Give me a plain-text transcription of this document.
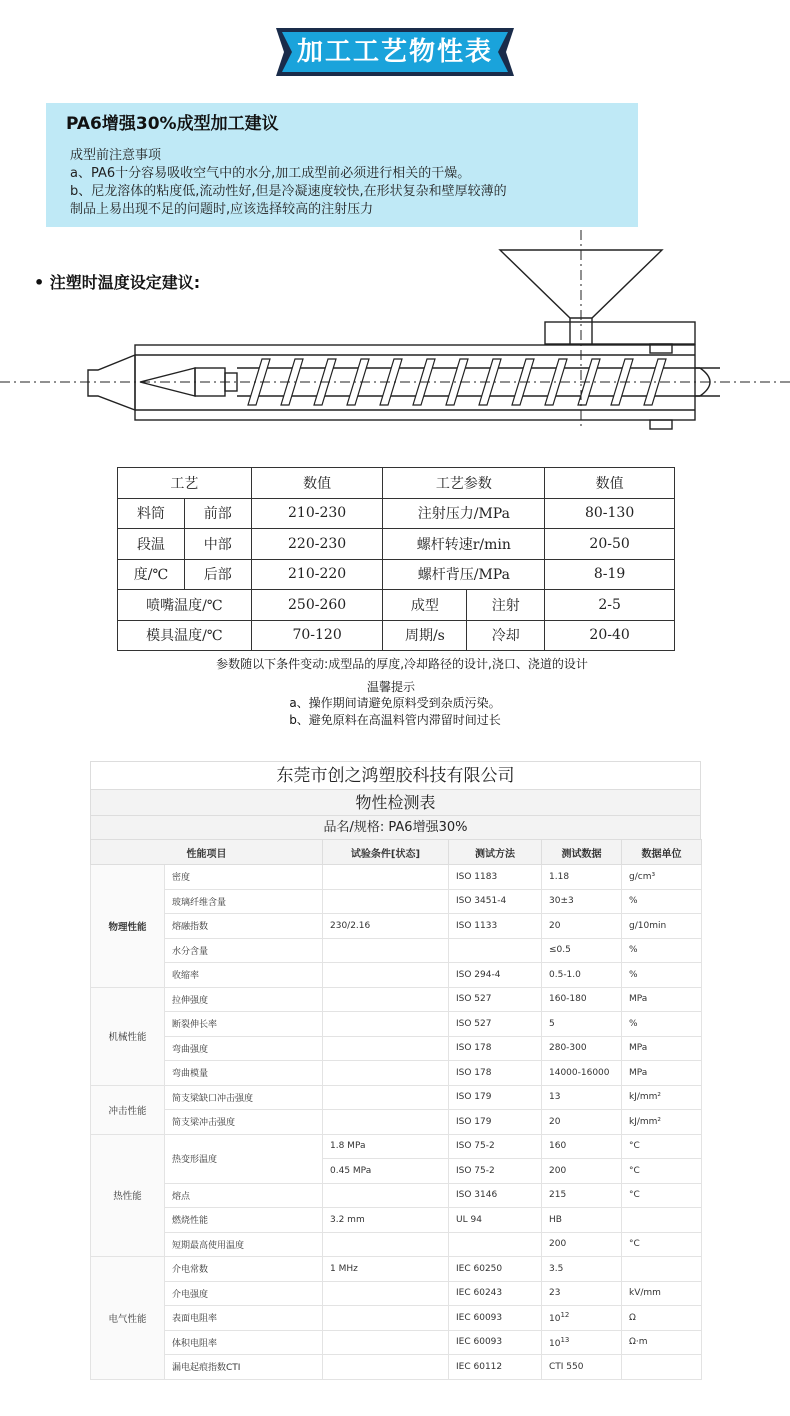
加工工艺物性表
PA6增强30%成型加工建议
成型前注意事项
a、PA6十分容易吸收空气中的水分,加工成型前必须进行相关的干燥。
b、尼龙溶体的粘度低,流动性好,但是冷凝速度较快,在形状复杂和壁厚较薄的
制品上易出现不足的问题时,应该选择较高的注射压力
• 注塑时温度设定建议:
工艺		数值	工艺参数		数值
料筒	前部	210-230	注射压力/MPa		80-130
段温	中部	220-230	螺杆转速r/min		20-50
度/℃	后部	210-220	螺杆背压/MPa		8-19
喷嘴温度/℃		250-260	成型	注射	2-5
模具温度/℃		70-120	周期/s	冷却	20-40
参数随以下条件变动:成型品的厚度,冷却路径的设计,浇口、浇道的设计
温馨提示
a、操作期间请避免原料受到杂质污染。
b、避免原料在高温料管内滞留时间过长
东莞市创之鸿塑胶科技有限公司
物性检测表
品名/规格: PA6增强30%
性能项目		试验条件[状态]	测试方法	测试数据	数据单位
物理性能	密度		ISO 1183	1.18	g/cm³
	玻璃纤维含量		ISO 3451-4	30±3	%
	熔融指数	230/2.16	ISO 1133	20	g/10min
	水分含量			≤0.5	%
	收缩率		ISO 294-4	0.5-1.0	%
机械性能	拉伸强度		ISO 527	160-180	MPa
	断裂伸长率		ISO 527	5	%
	弯曲强度		ISO 178	280-300	MPa
	弯曲模量		ISO 178	14000-16000	MPa
冲击性能	简支梁缺口冲击强度		ISO 179	13	kJ/mm²
	简支梁冲击强度		ISO 179	20	kJ/mm²
热性能	热变形温度	1.8 MPa	ISO 75-2	160	°C
		0.45 MPa	ISO 75-2	200	°C
	熔点		ISO 3146	215	°C
	燃烧性能	3.2 mm	UL 94	HB	
	短期最高使用温度			200	°C
电气性能	介电常数	1 MHz	IEC 60250	3.5	
	介电强度		IEC 60243	23	kV/mm
	表面电阻率		IEC 60093	$10^{12}$	Ω
	体积电阻率		IEC 60093	$10^{13}$	Ω·m
	漏电起痕指数CTI		IEC 60112	CTI 550	
